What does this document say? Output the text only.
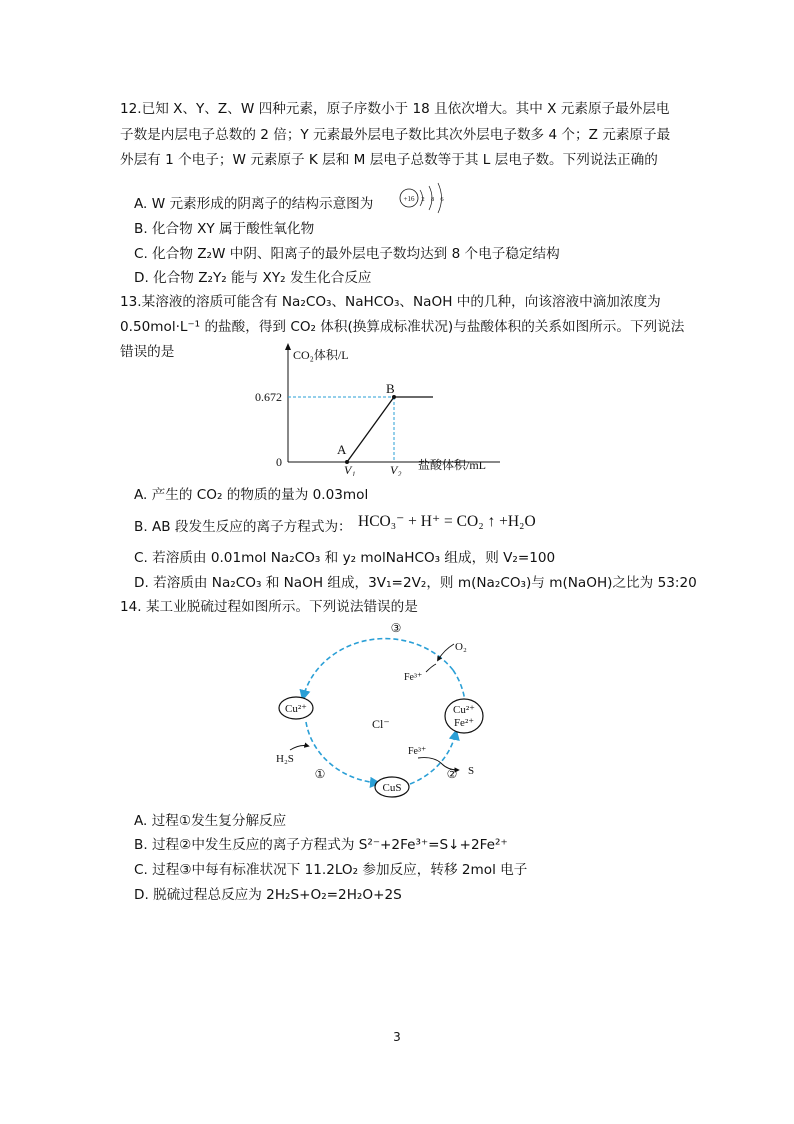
12.已知 X、Y、Z、W 四种元素，原子序数小于 18 且依次增大。其中 X 元素原子最外层电
子数是内层电子总数的 2 倍；Y 元素最外层电子数比其次外层电子数多 4 个；Z 元素原子最
外层有 1 个电子；W 元素原子 K 层和 M 层电子总数等于其 L 层电子数。下列说法正确的
A. W 元素形成的阴离子的结构示意图为	+16 2 8 6
B. 化合物 XY 属于酸性氧化物
C. 化合物 Z₂W 中阴、阳离子的最外层电子数均达到 8 个电子稳定结构
D. 化合物 Z₂Y₂ 能与 XY₂ 发生化合反应
13.某溶液的溶质可能含有 Na₂CO₃、NaHCO₃、NaOH 中的几种，向该溶液中滴加浓度为
0.50mol·L⁻¹ 的盐酸，得到 CO₂ 体积(换算成标准状况)与盐酸体积的关系如图所示。下列说法
错误的是	CO₂体积/L
0.672
0
A
B
V₁	V₂ 盐酸体积/mL
A. 产生的 CO₂ 的物质的量为 0.03mol
B. AB 段发生反应的离子方程式为： HCO₃⁻ + H⁺ = CO₂ ↑ +H₂O
C. 若溶质由 0.01mol Na₂CO₃ 和 y₂ molNaHCO₃ 组成，则 V₂=100
D. 若溶质由 Na₂CO₃ 和 NaOH 组成，3V₁=2V₂，则 m(Na₂CO₃)与 m(NaOH)之比为 53:20
14. 某工业脱硫过程如图所示。下列说法错误的是
Cu²⁺
CuS
Cu²⁺
Fe²⁺
Cl⁻
③
①	②
O₂
Fe³⁺
H₂S
Fe³⁺
S
A. 过程①发生复分解反应
B. 过程②中发生反应的离子方程式为 S²⁻+2Fe³⁺=S↓+2Fe²⁺
C. 过程③中每有标准状况下 11.2LO₂ 参加反应，转移 2mol 电子
D. 脱硫过程总反应为 2H₂S+O₂=2H₂O+2S
3
